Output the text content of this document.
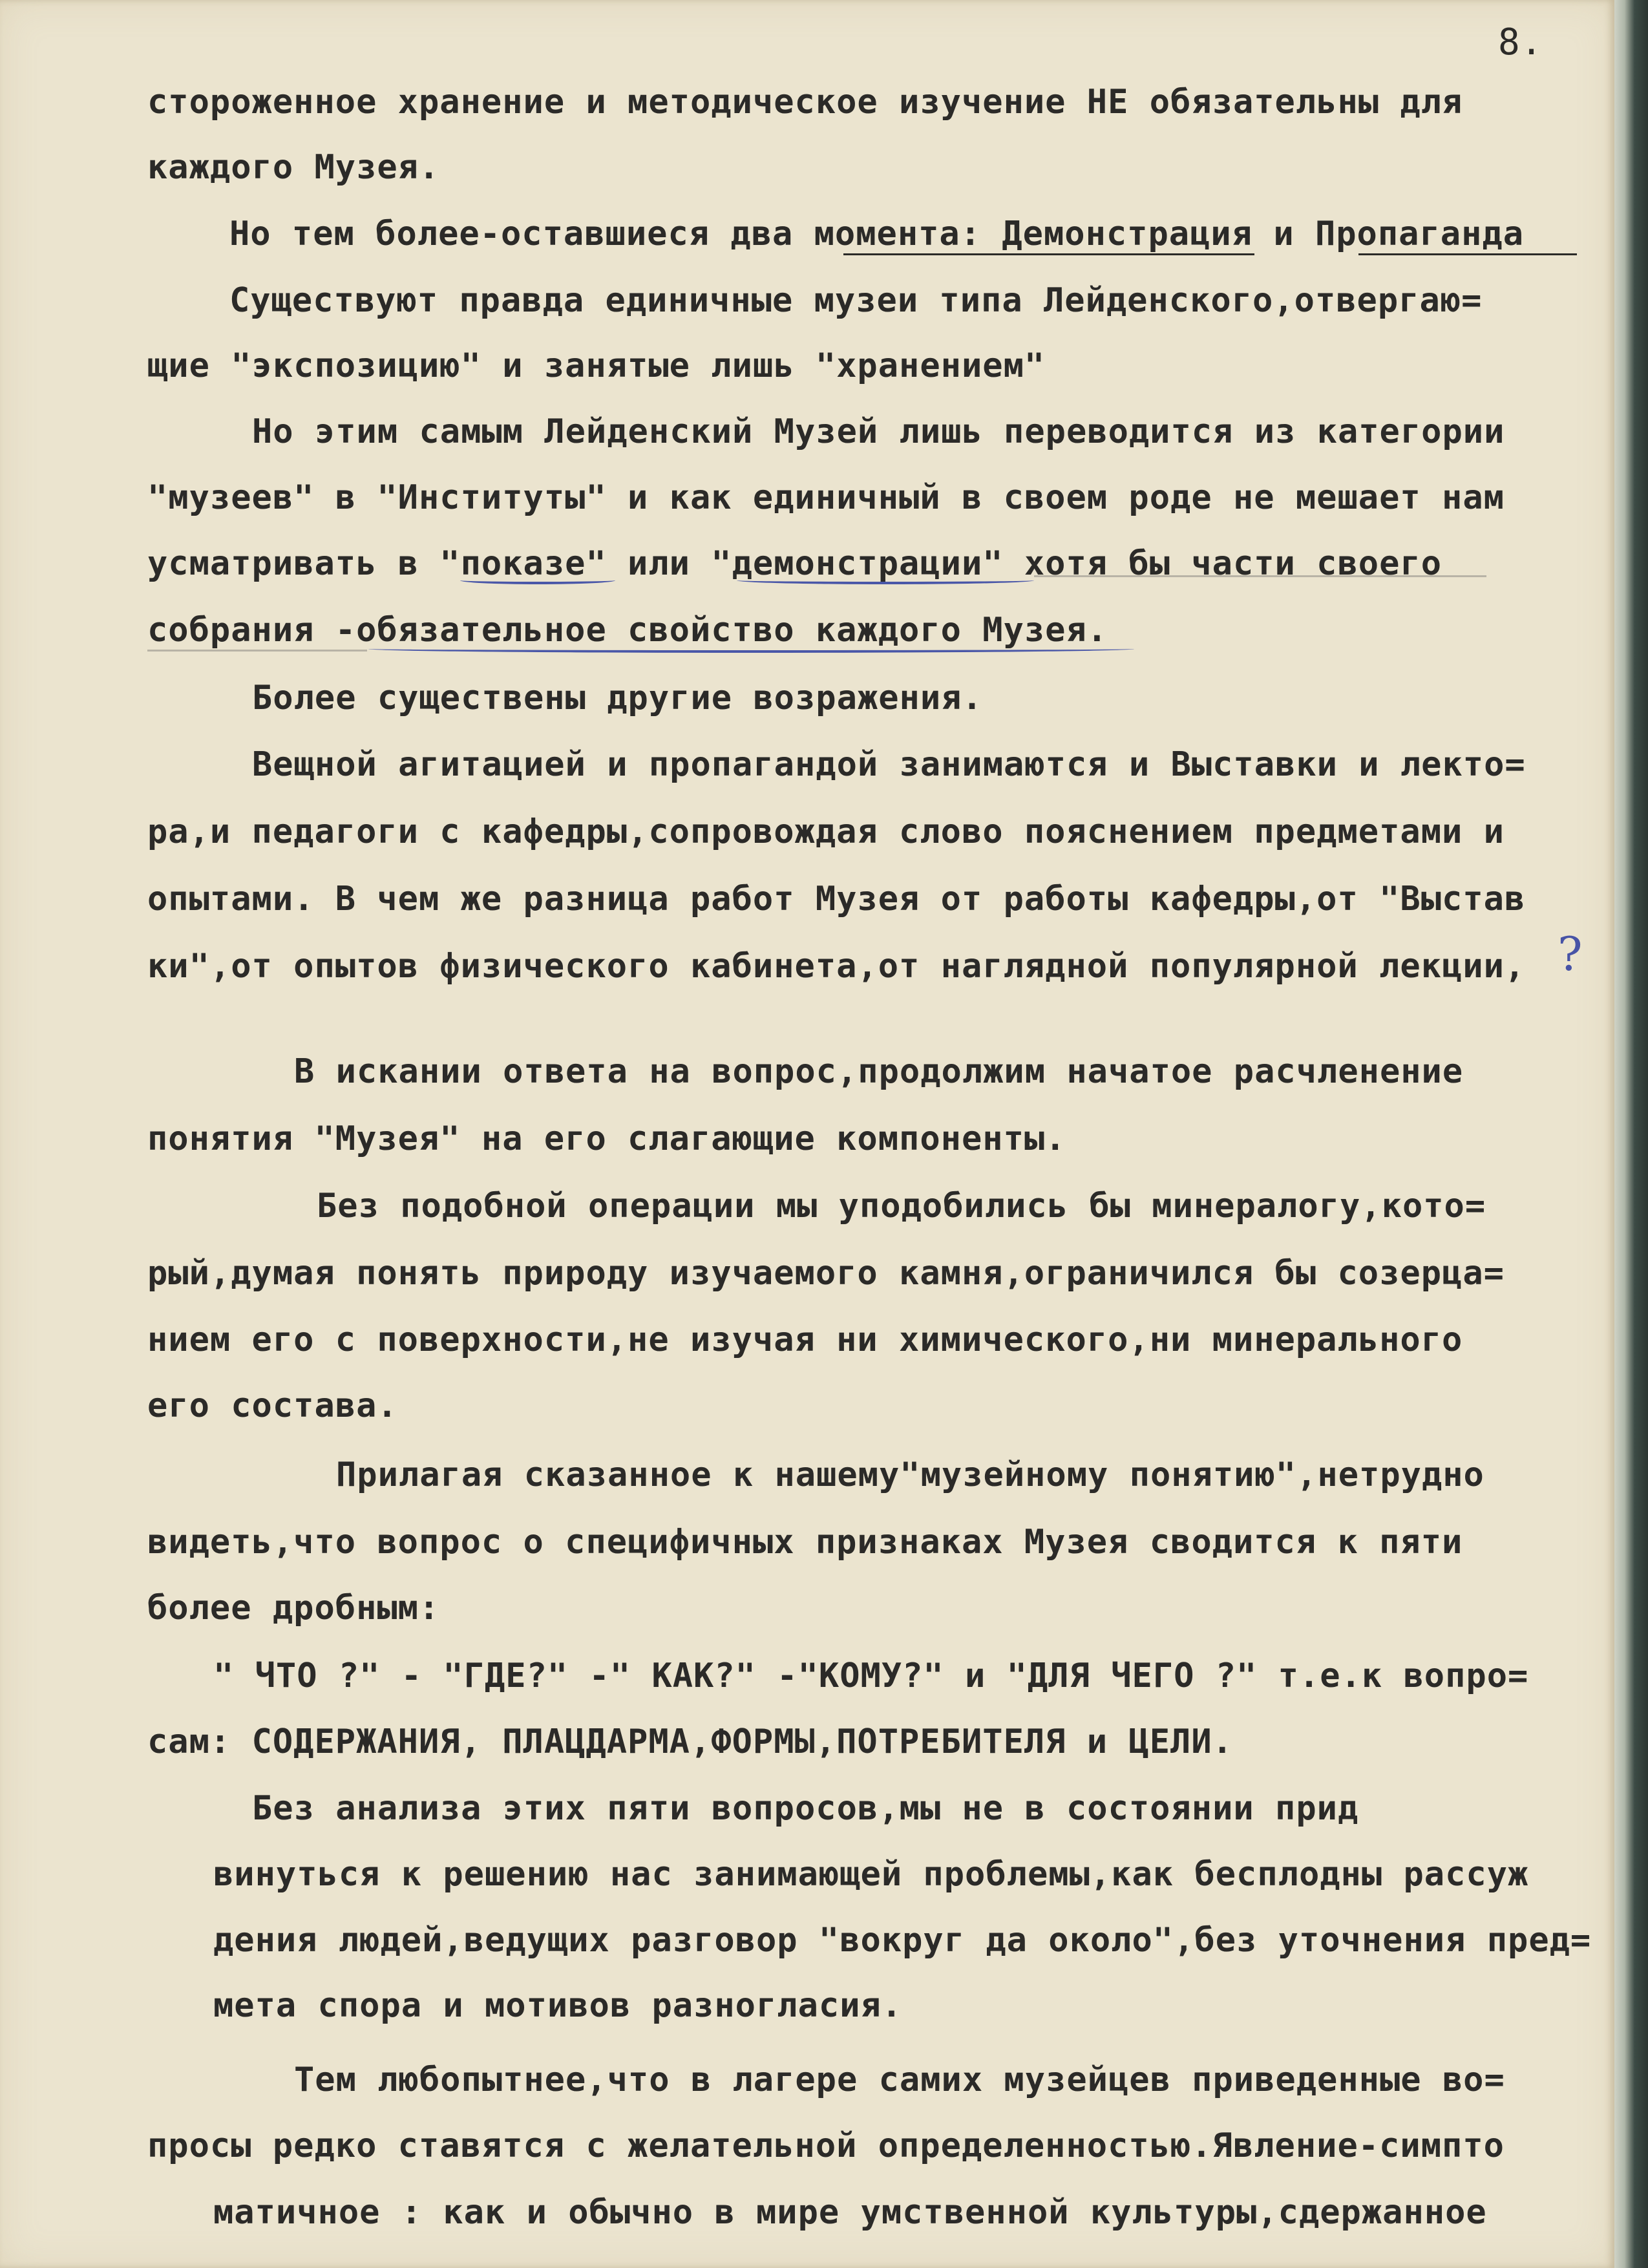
8.
стороженное хранение и методическое изучение НЕ обязательны для
каждого Музея.
Но тем более-оставшиеся два момента: Демонстрация и Пропаганда
Существуют правда единичные музеи типа Лейденского,отвергаю=
щие "экспозицию" и занятые лишь "хранением"
Но этим самым Лейденский Музей лишь переводится из категории
"музеев" в "Институты" и как единичный в своем роде не мешает нам
усматривать в "показе" или "демонстрации" хотя бы части своего
собрания -обязательное свойство каждого Музея.
Более существены другие возражения.
Вещной агитацией и пропагандой занимаются и Выставки и лекто=
ра,и педагоги с кафедры,сопровождая слово пояснением предметами и
опытами. В чем же разница работ Музея от работы кафедры,от "Выстав
ки",от опытов физического кабинета,от наглядной популярной лекции, ?
В искании ответа на вопрос,продолжим начатое расчленение
понятия "Музея" на его слагающие компоненты.
Без подобной операции мы уподобились бы минералогу,кото=
рый,думая понять природу изучаемого камня,ограничился бы созерца=
нием его с поверхности,не изучая ни химического,ни минерального
его состава.
Прилагая сказанное к нашему"музейному понятию",нетрудно
видеть,что вопрос о специфичных признаках Музея сводится к пяти
более дробным:
" ЧТО ?" - "ГДЕ?" -" КАК?" -"КОМУ?" и "ДЛЯ ЧЕГО ?" т.е.к вопро=
сам: СОДЕРЖАНИЯ, ПЛАЦДАРМА,ФОРМЫ,ПОТРЕБИТЕЛЯ и ЦЕЛИ.
Без анализа этих пяти вопросов,мы не в состоянии прид
винуться к решению нас занимающей проблемы,как бесплодны рассуж
дения людей,ведущих разговор "вокруг да около",без уточнения пред=
мета спора и мотивов разногласия.
Тем любопытнее,что в лагере самих музейцев приведенные во=
просы редко ставятся с желательной определенностью.Явление-симпто
матичное : как и обычно в мире умственной культуры,сдержанное
